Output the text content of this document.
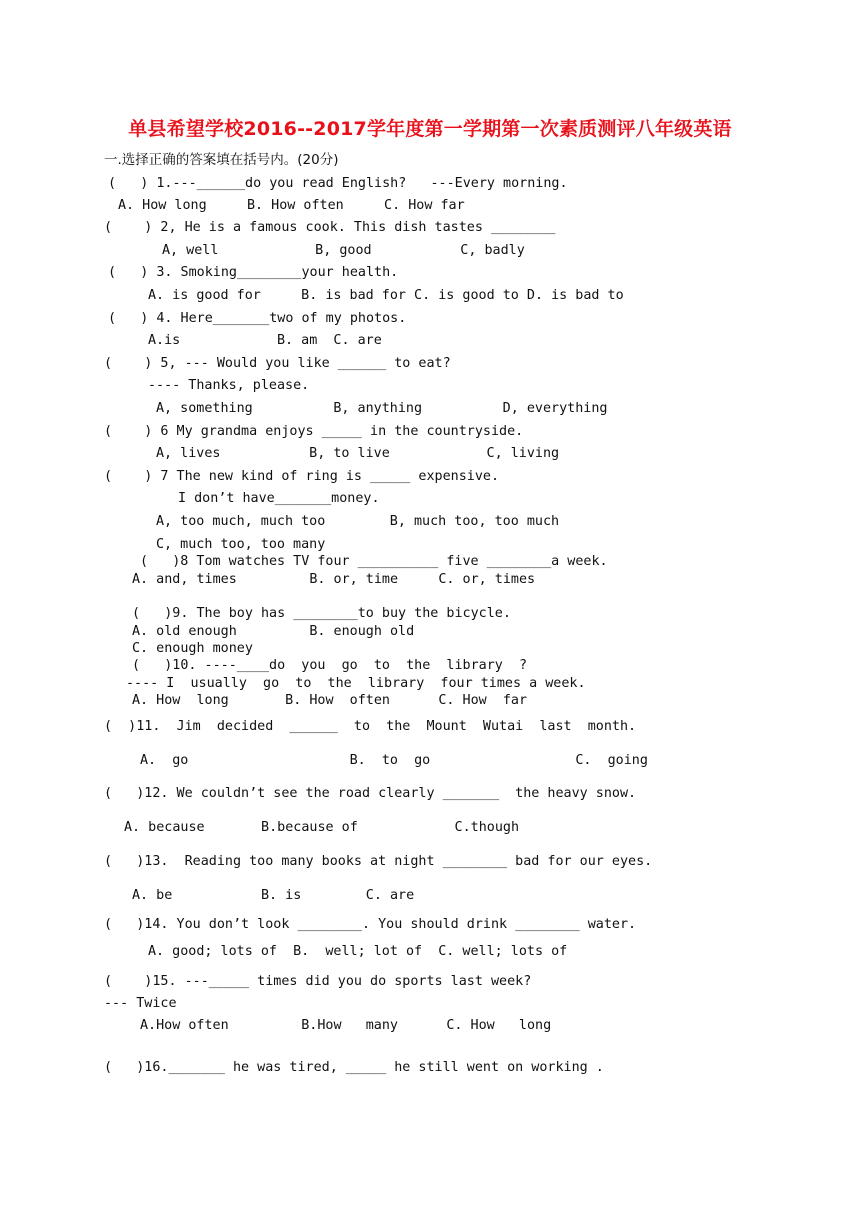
单县希望学校2016--2017学年度第一学期第一次素质测评八年级英语
一.选择正确的答案填在括号内。(20分)
(   ) 1.---______do you read English?   ---Every morning.
A. How long     B. How often     C. How far
(    ) 2, He is a famous cook. This dish tastes ________
A, well            B, good           C, badly
(   ) 3. Smoking________your health.
A. is good for     B. is bad for C. is good to D. is bad to
(   ) 4. Here_______two of my photos.
A.is            B. am  C. are
(    ) 5, --- Would you like ______ to eat?
---- Thanks, please.
A, something          B, anything          D, everything
(    ) 6 My grandma enjoys _____ in the countryside.
A, lives           B, to live            C, living
(    ) 7 The new kind of ring is _____ expensive.
I don’t have_______money.
A, too much, much too        B, much too, too much
C, much too, too many
(   )8 Tom watches TV four __________ five ________a week.
A. and, times         B. or, time     C. or, times
(   )9. The boy has ________to buy the bicycle.
A. old enough         B. enough old
C. enough money
(   )10. ----____do  you  go  to  the  library  ?
---- I  usually  go  to  the  library  four times a week.
A. How  long       B. How  often      C. How  far
(  )11.  Jim  decided  ______  to  the  Mount  Wutai  last  month.
A.  go                    B.  to  go                  C.  going
(   )12. We couldn’t see the road clearly _______  the heavy snow.
A. because       B.because of            C.though
(   )13.  Reading too many books at night ________ bad for our eyes.
A. be           B. is        C. are
(   )14. You don’t look ________. You should drink ________ water.
A. good; lots of  B.  well; lot of  C. well; lots of
(    )15. ---_____ times did you do sports last week?
--- Twice
A.How often         B.How   many      C. How   long
(   )16._______ he was tired, _____ he still went on working .
